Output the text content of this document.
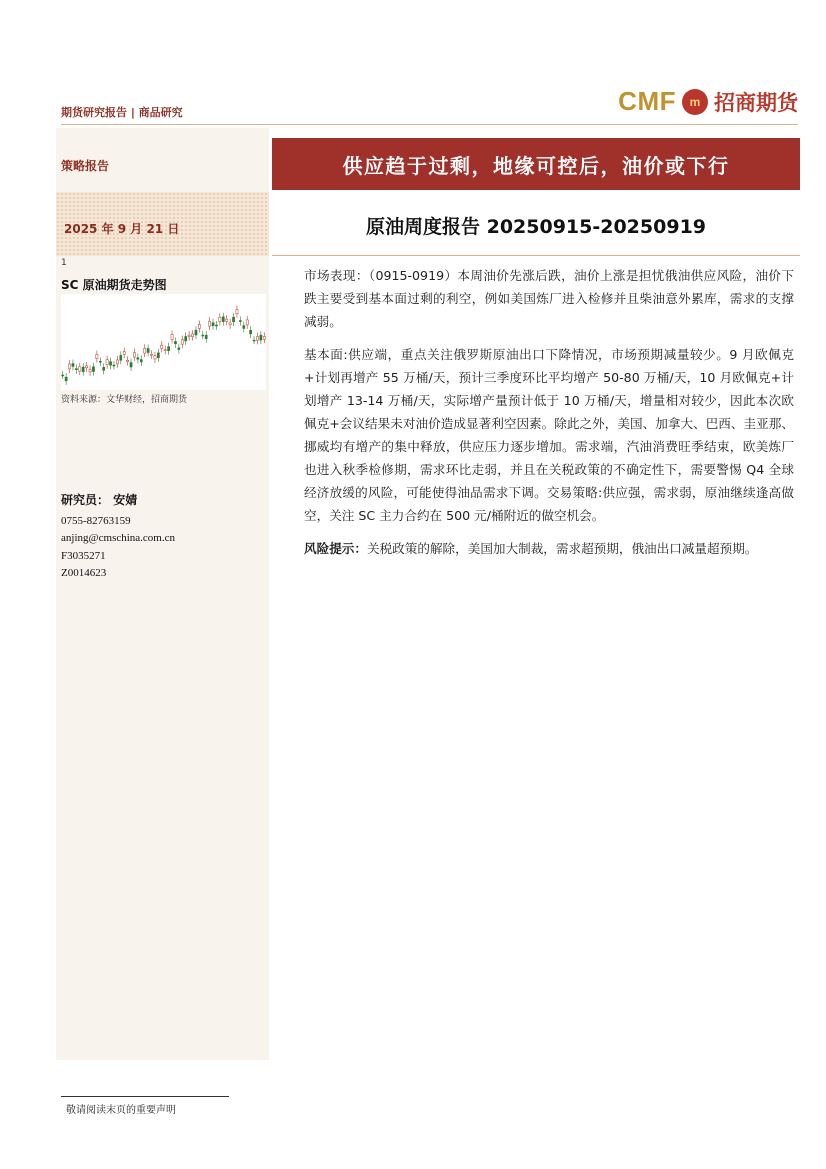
期货研究报告 | 商品研究	CMF	m 招商期货
策略报告
2025 年 9 月 21 日
1
SC 原油期货走势图
资料来源：文华财经，招商期货
研究员： 安婧
0755-82763159
anjing@cmschina.com.cn
F3035271
Z0014623
供应趋于过剩，地缘可控后，油价或下行
原油周度报告 20250915-20250919

市场表现：（0915-0919）本周油价先涨后跌，油价上涨是担忧俄油供应风险，油价下跌主要受到基本面过剩的利空，例如美国炼厂进入检修并且柴油意外累库，需求的支撑减弱。

基本面:供应端，重点关注俄罗斯原油出口下降情况，市场预期减量较少。9 月欧佩克+计划再增产 55 万桶/天，预计三季度环比平均增产 50-80 万桶/天，10 月欧佩克+计划增产 13-14 万桶/天，实际增产量预计低于 10 万桶/天，增量相对较少，因此本次欧佩克+会议结果未对油价造成显著利空因素。除此之外，美国、加拿大、巴西、圭亚那、挪威均有增产的集中释放，供应压力逐步增加。需求端，汽油消费旺季结束，欧美炼厂也进入秋季检修期，需求环比走弱，并且在关税政策的不确定性下，需要警惕 Q4 全球经济放缓的风险，可能使得油品需求下调。交易策略:供应强，需求弱，原油继续逢高做空，关注 SC 主力合约在 500 元/桶附近的做空机会。

风险提示：关税政策的解除，美国加大制裁，需求超预期，俄油出口减量超预期。

敬请阅读末页的重要声明
